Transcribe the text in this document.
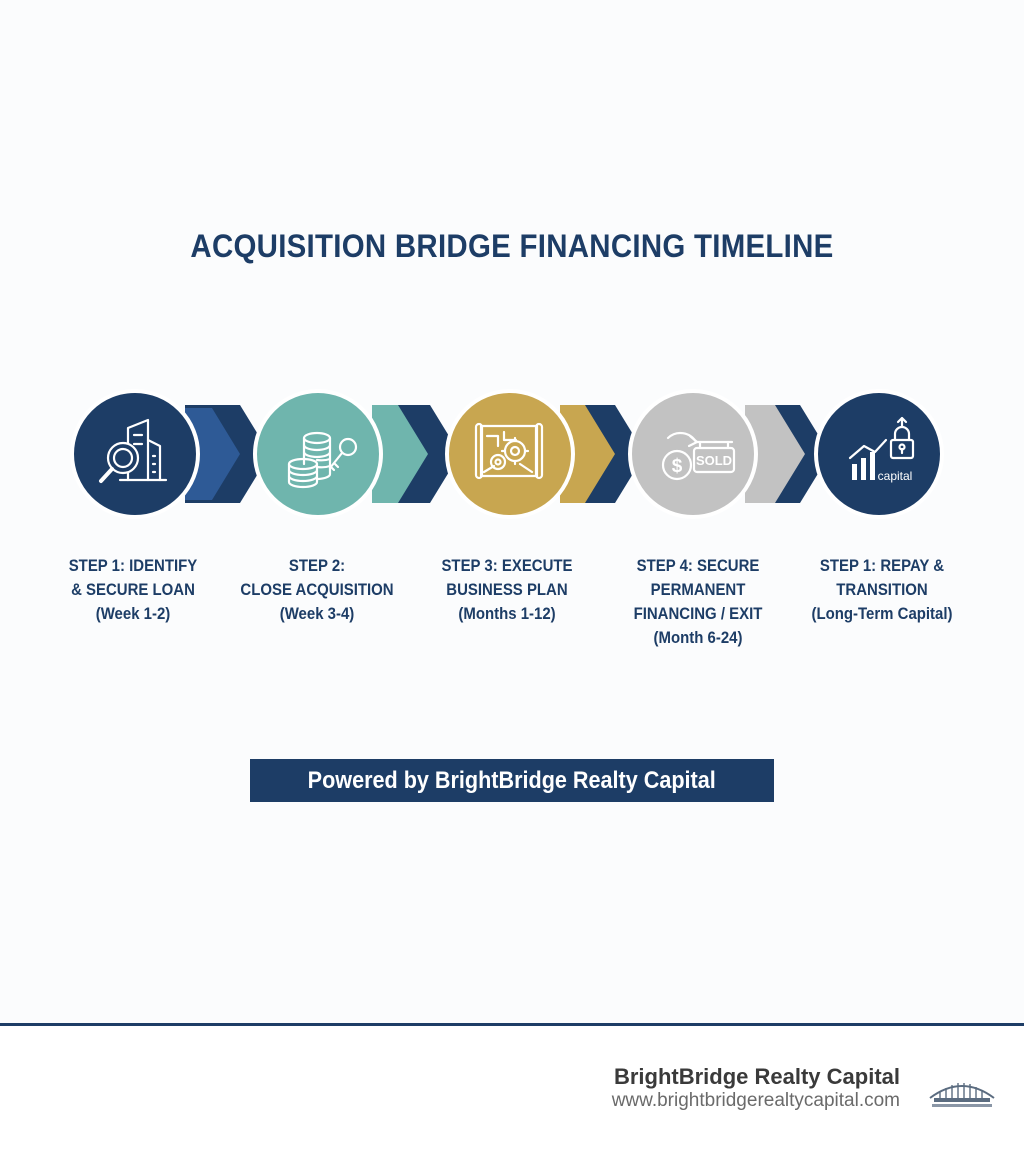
ACQUISITION BRIDGE FINANCING TIMELINE
$ SOLD
capital
STEP 1: IDENTIFY
& SECURE LOAN
(Week 1-2)
STEP 2:
CLOSE ACQUISITION
(Week 3-4)
STEP 3: EXECUTE
BUSINESS PLAN
(Months 1-12)
STEP 4: SECURE PERMANENT
FINANCING / EXIT
(Month 6-24)
STEP 1: REPAY &
TRANSITION
(Long-Term Capital)
Powered by BrightBridge Realty Capital
BrightBridge Realty Capital
www.brightbridgerealtycapital.com
